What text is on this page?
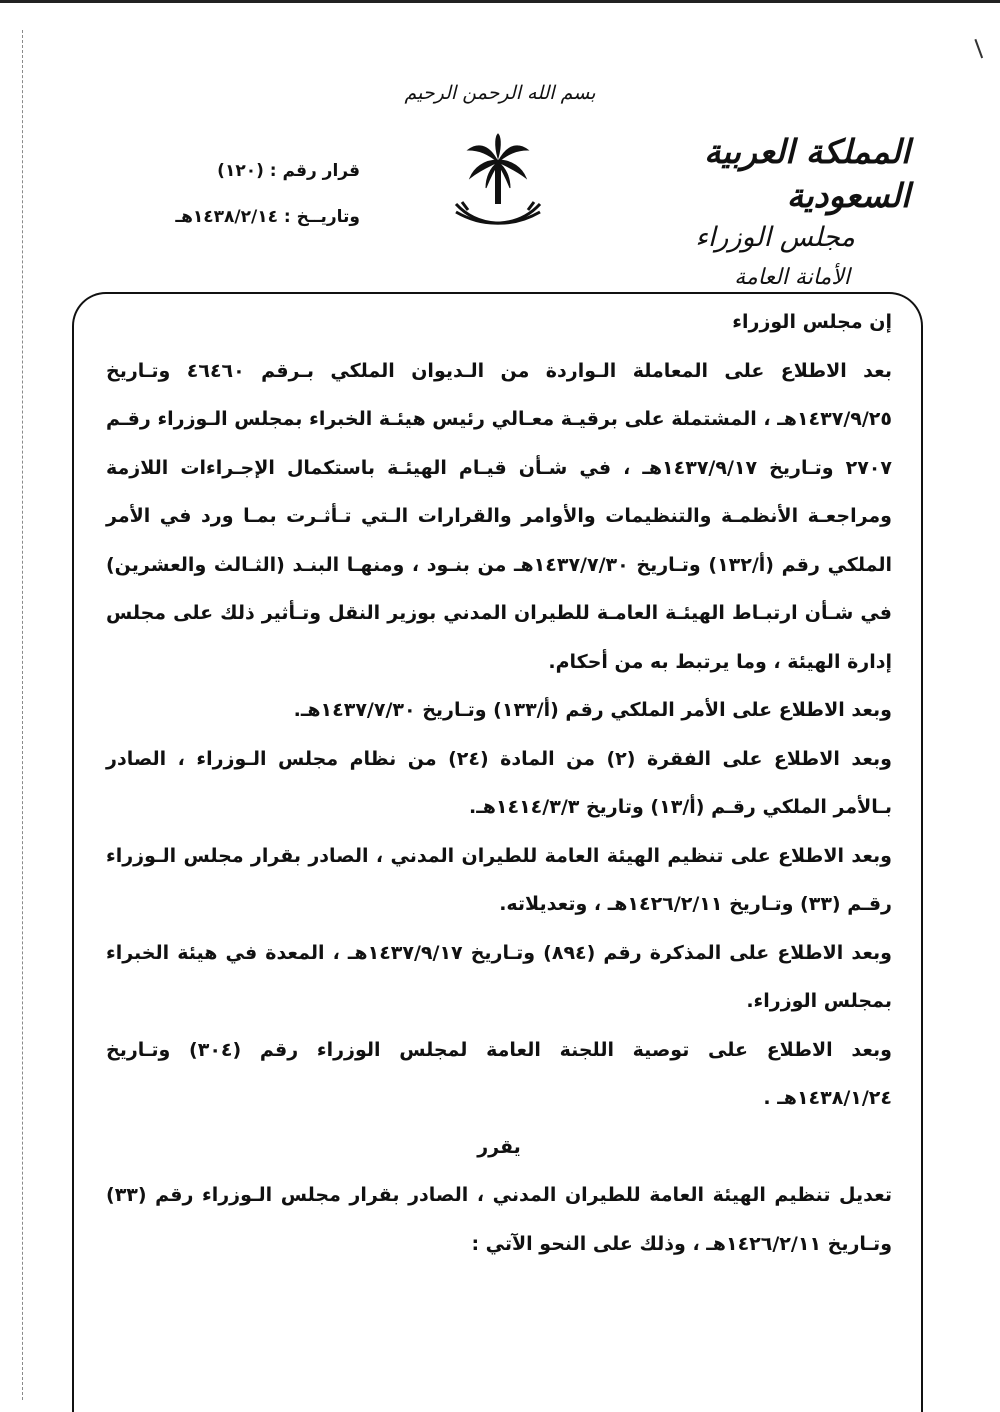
بسم الله الرحمن الرحيم
المملكة العربية السعودية
مجلس الوزراء
الأمانة العامة
قرار رقم : (١٢٠)
وتاريــخ : ١٤٣٨/٢/١٤هـ

إن مجلس الوزراء

بعد الاطلاع على المعاملة الـواردة من الـديوان الملكي بـرقم ٤٦٤٦٠ وتـاريخ ١٤٣٧/٩/٢٥هـ ، المشتملة على برقيـة معـالي رئيس هيئـة الخبراء بمجلس الـوزراء رقـم ٢٧٠٧ وتـاريخ ١٤٣٧/٩/١٧هـ ، في شـأن قيـام الهيئـة باستكمال الإجـراءات اللازمة ومراجعـة الأنظمـة والتنظيمات والأوامر والقرارات الـتي تـأثـرت بمـا ورد في الأمر الملكي رقم (أ/١٣٢) وتـاريخ ١٤٣٧/٧/٣٠هـ من بنـود ، ومنهـا البنـد (الثـالث والعشرين) في شـأن ارتبـاط الهيئـة العامـة للطيران المدني بوزير النقل وتـأثير ذلك على مجلس إدارة الهيئة ، وما يرتبط به من أحكام.

وبعد الاطلاع على الأمر الملكي رقم (أ/١٣٣) وتـاريخ ١٤٣٧/٧/٣٠هـ.

وبعد الاطلاع على الفقرة (٢) من المادة (٢٤) من نظام مجلس الـوزراء ، الصادر بـالأمر الملكي رقـم (أ/١٣) وتاريخ ١٤١٤/٣/٣هـ.

وبعد الاطلاع على تنظيم الهيئة العامة للطيران المدني ، الصادر بقرار مجلس الـوزراء رقـم (٣٣) وتـاريخ ١٤٢٦/٢/١١هـ ، وتعديلاته.

وبعد الاطلاع على المذكرة رقم (٨٩٤) وتـاريخ ١٤٣٧/٩/١٧هـ ، المعدة في هيئة الخبراء بمجلس الوزراء.

وبعد الاطلاع على توصية اللجنة العامة لمجلس الوزراء رقم (٣٠٤) وتـاريخ ١٤٣٨/١/٢٤هـ .

يقرر

تعديل تنظيم الهيئة العامة للطيران المدني ، الصادر بقرار مجلس الـوزراء رقم (٣٣) وتـاريخ ١٤٢٦/٢/١١هـ ، وذلك على النحو الآتي :
